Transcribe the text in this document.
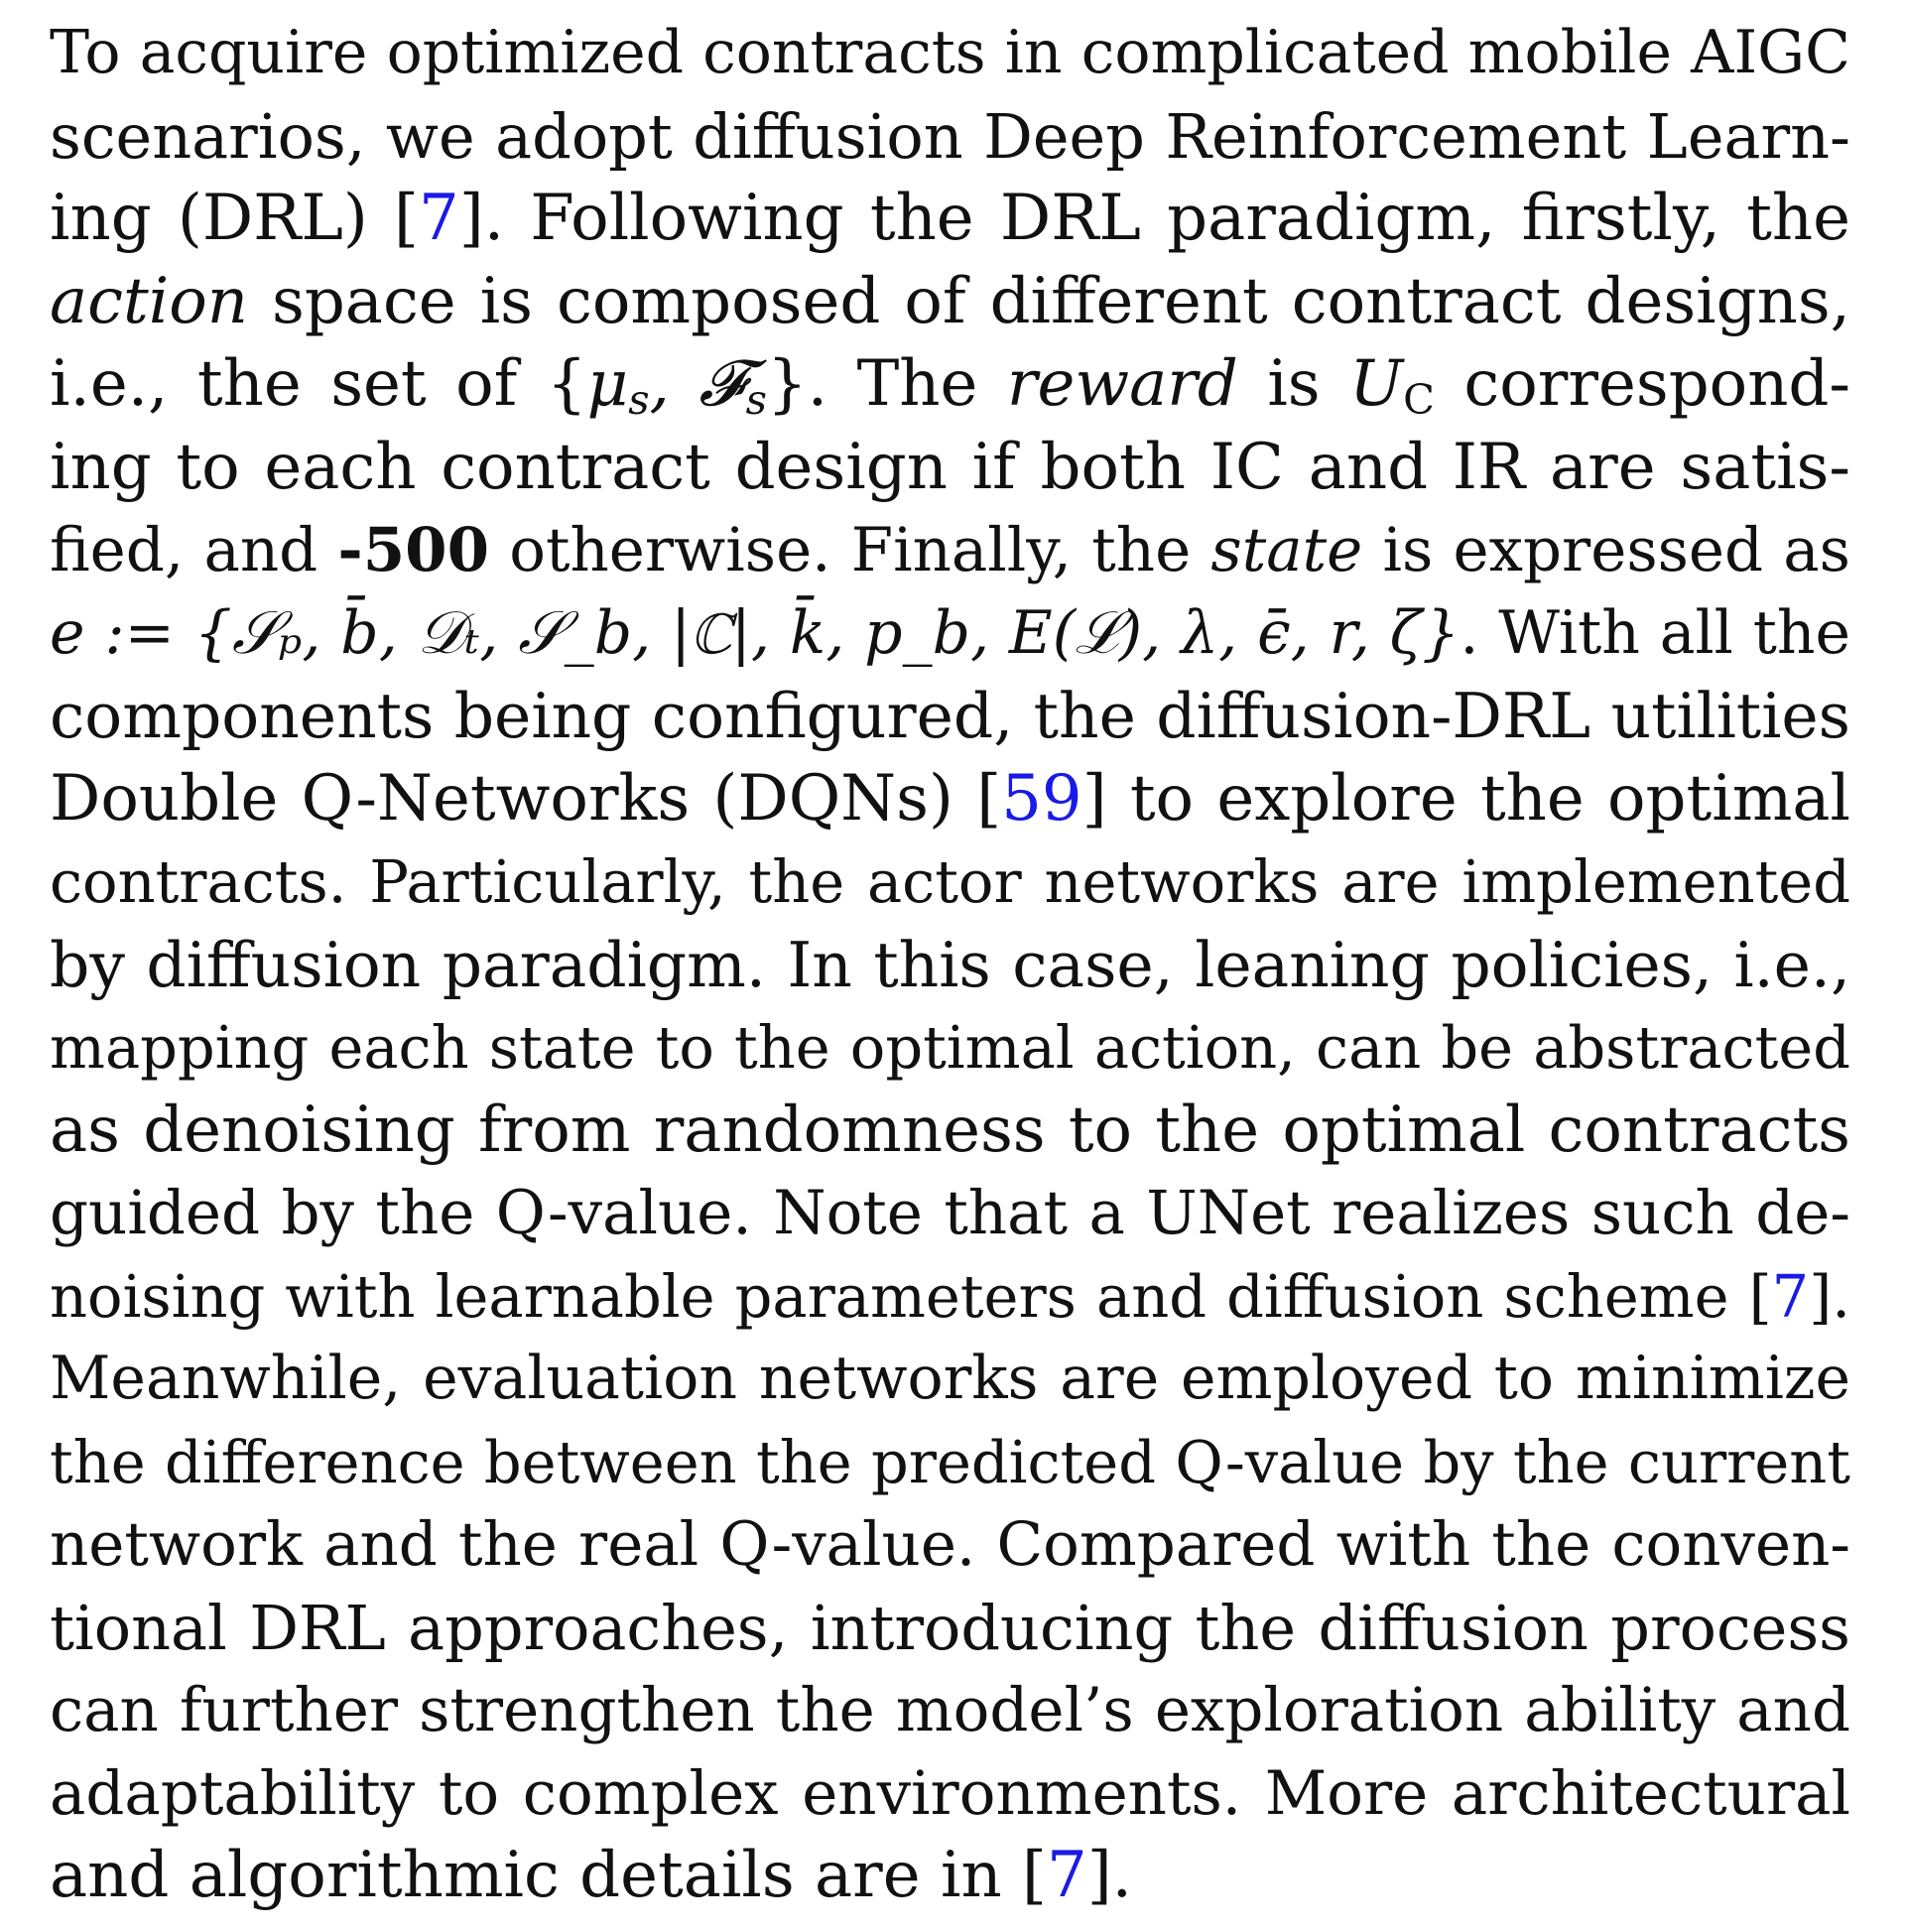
To acquire optimized contracts in complicated mobile AIGC
scenarios, we adopt diffusion Deep Reinforcement Learn-
ing (DRL) [7]. Following the DRL paradigm, firstly, the
action space is composed of different contract designs,
i.e., the set of {$\mu_s$, 𝓕$_s$}. The reward is $U_C$ correspond-
ing to each contract design if both IC and IR are satis-
fied, and -500 otherwise. Finally, the state is expressed as
e := {𝒮ₚ, b̄, 𝒟ₜ, 𝒮_b, |ℂ|, k̄, p_b, E(ℒ), λ, ϵ̄, r, ζ}. With all the
components being configured, the diffusion-DRL utilities
Double Q-Networks (DQNs) [59] to explore the optimal
contracts. Particularly, the actor networks are implemented
by diffusion paradigm. In this case, leaning policies, i.e.,
mapping each state to the optimal action, can be abstracted
as denoising from randomness to the optimal contracts
guided by the Q-value. Note that a UNet realizes such de-
noising with learnable parameters and diffusion scheme [7].
Meanwhile, evaluation networks are employed to minimize
the difference between the predicted Q-value by the current
network and the real Q-value. Compared with the conven-
tional DRL approaches, introducing the diffusion process
can further strengthen the model’s exploration ability and
adaptability to complex environments. More architectural
and algorithmic details are in [7].
